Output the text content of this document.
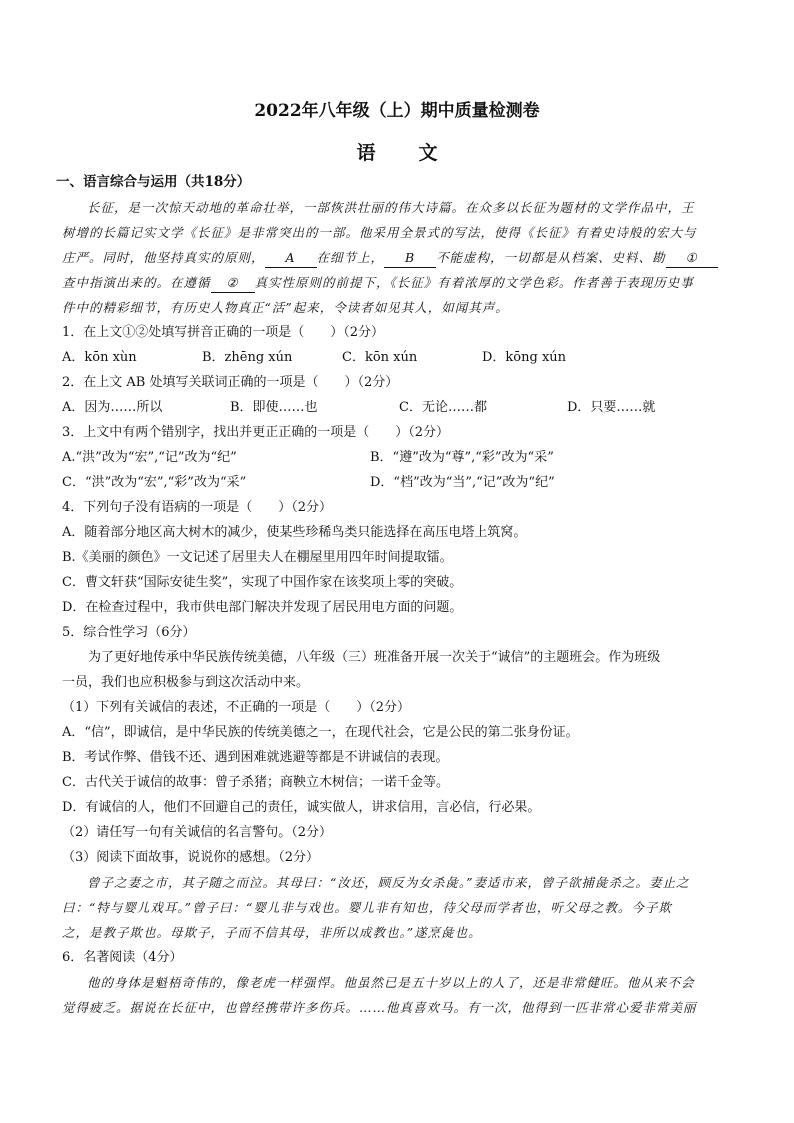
2022年八年级（上）期中质量检测卷
语　文
一、语言综合与运用（共18分）
长征，是一次惊天动地的革命壮举，一部恢洪壮丽的伟大诗篇。在众多以长征为题材的文学作品中，王
树增的长篇记实文学《长征》是非常突出的一部。他采用全景式的写法，使得《长征》有着史诗般的宏大与
庄严。同时，他坚持真实的原则， A 在细节上， B 不能虚构，一切都是从档案、史料、勘 ①
查中指演出来的。在遵循 ② 真实性原则的前提下，《长征》有着浓厚的文学色彩。作者善于表现历史事
件中的精彩细节，有历史人物真正“活”起来，令读者如见其人，如闻其声。
1．在上文①②处填写拼音正确的一项是（　　）（2分）
A．kōn xùn	B．zhēng xún	C．kōn xún	D．kōng xún
2．在上文 AB 处填写关联词正确的一项是（　　）（2分）
A．因为……所以	B．即使……也	C．无论……都	D．只要……就
3．上文中有两个错别字，找出并更正正确的一项是（　　）（2分）
A.“洪”改为“宏”,“记”改为“纪”	B．“遵”改为“尊”,“彩”改为“采”
C．“洪”改为“宏”,“彩”改为“采”	D．“档”改为“当”,“记”改为“纪”
4．下列句子没有语病的一项是（　　）（2分）
A．随着部分地区高大树木的减少，使某些珍稀鸟类只能选择在高压电塔上筑窝。
B.《美丽的颜色》一文记述了居里夫人在棚屋里用四年时间提取镭。
C．曹文轩获“国际安徒生奖”，实现了中国作家在该奖项上零的突破。
D．在检查过程中，我市供电部门解决并发现了居民用电方面的问题。
5．综合性学习（6分）
为了更好地传承中华民族传统美德，八年级（三）班准备开展一次关于“诚信”的主题班会。作为班级
一员，我们也应积极参与到这次活动中来。
（1）下列有关诚信的表述，不正确的一项是（　　）（2分）
A．“信”，即诚信，是中华民族的传统美德之一，在现代社会，它是公民的第二张身份证。
B．考试作弊、借钱不还、遇到困难就逃避等都是不讲诚信的表现。
C．古代关于诚信的故事：曾子杀猪；商鞅立木树信；一诺千金等。
D．有诚信的人，他们不回避自己的责任，诚实做人，讲求信用，言必信，行必果。
（2）请任写一句有关诚信的名言警句。（2分）
（3）阅读下面故事，说说你的感想。（2分）
曾子之妻之市，其子随之而泣。其母曰：“汝还，顾反为女杀彘。”妻适市来，曾子欲捕彘杀之。妻止之
曰：“特与婴儿戏耳。”曾子曰：“婴儿非与戏也。婴儿非有知也，待父母而学者也，听父母之教。今子欺
之，是教子欺也。母欺子，子而不信其母，非所以成教也。”遂烹彘也。
6．名著阅读（4分）
他的身体是魁梧奇伟的，像老虎一样强悍。他虽然已是五十岁以上的人了，还是非常健旺。他从来不会
觉得疲乏。据说在长征中，也曾经携带许多伤兵。……他真喜欢马。有一次，他得到一匹非常心爱非常美丽
